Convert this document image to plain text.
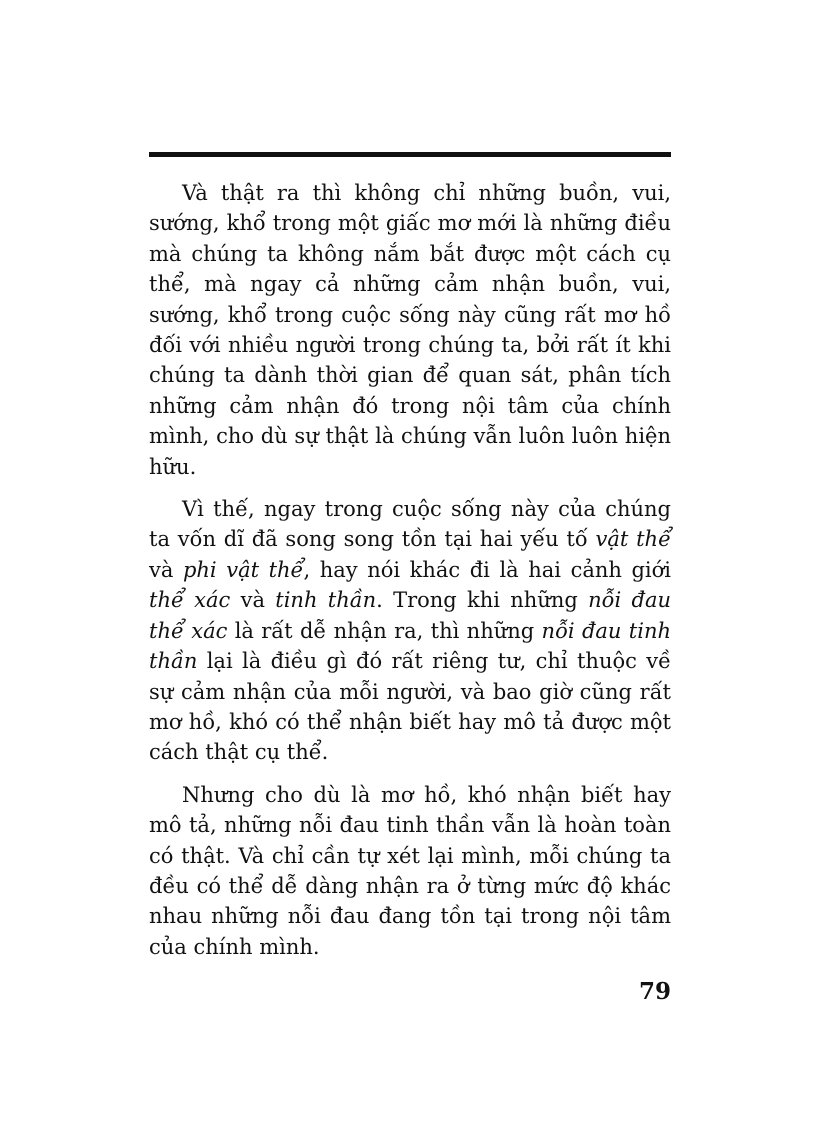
Và thật ra thì không chỉ những buồn, vui, sướng, khổ trong một giấc mơ mới là những điều mà chúng ta không nắm bắt được một cách cụ thể, mà ngay cả những cảm nhận buồn, vui, sướng, khổ trong cuộc sống này cũng rất mơ hồ đối với nhiều người trong chúng ta, bởi rất ít khi chúng ta dành thời gian để quan sát, phân tích những cảm nhận đó trong nội tâm của chính mình, cho dù sự thật là chúng vẫn luôn luôn hiện hữu.

Vì thế, ngay trong cuộc sống này của chúng ta vốn dĩ đã song song tồn tại hai yếu tố vật thể và phi vật thể, hay nói khác đi là hai cảnh giới thể xác và tinh thần. Trong khi những nỗi đau thể xác là rất dễ nhận ra, thì những nỗi đau tinh thần lại là điều gì đó rất riêng tư, chỉ thuộc về sự cảm nhận của mỗi người, và bao giờ cũng rất mơ hồ, khó có thể nhận biết hay mô tả được một cách thật cụ thể.

Nhưng cho dù là mơ hồ, khó nhận biết hay mô tả, những nỗi đau tinh thần vẫn là hoàn toàn có thật. Và chỉ cần tự xét lại mình, mỗi chúng ta đều có thể dễ dàng nhận ra ở từng mức độ khác nhau những nỗi đau đang tồn tại trong nội tâm của chính mình.

79
